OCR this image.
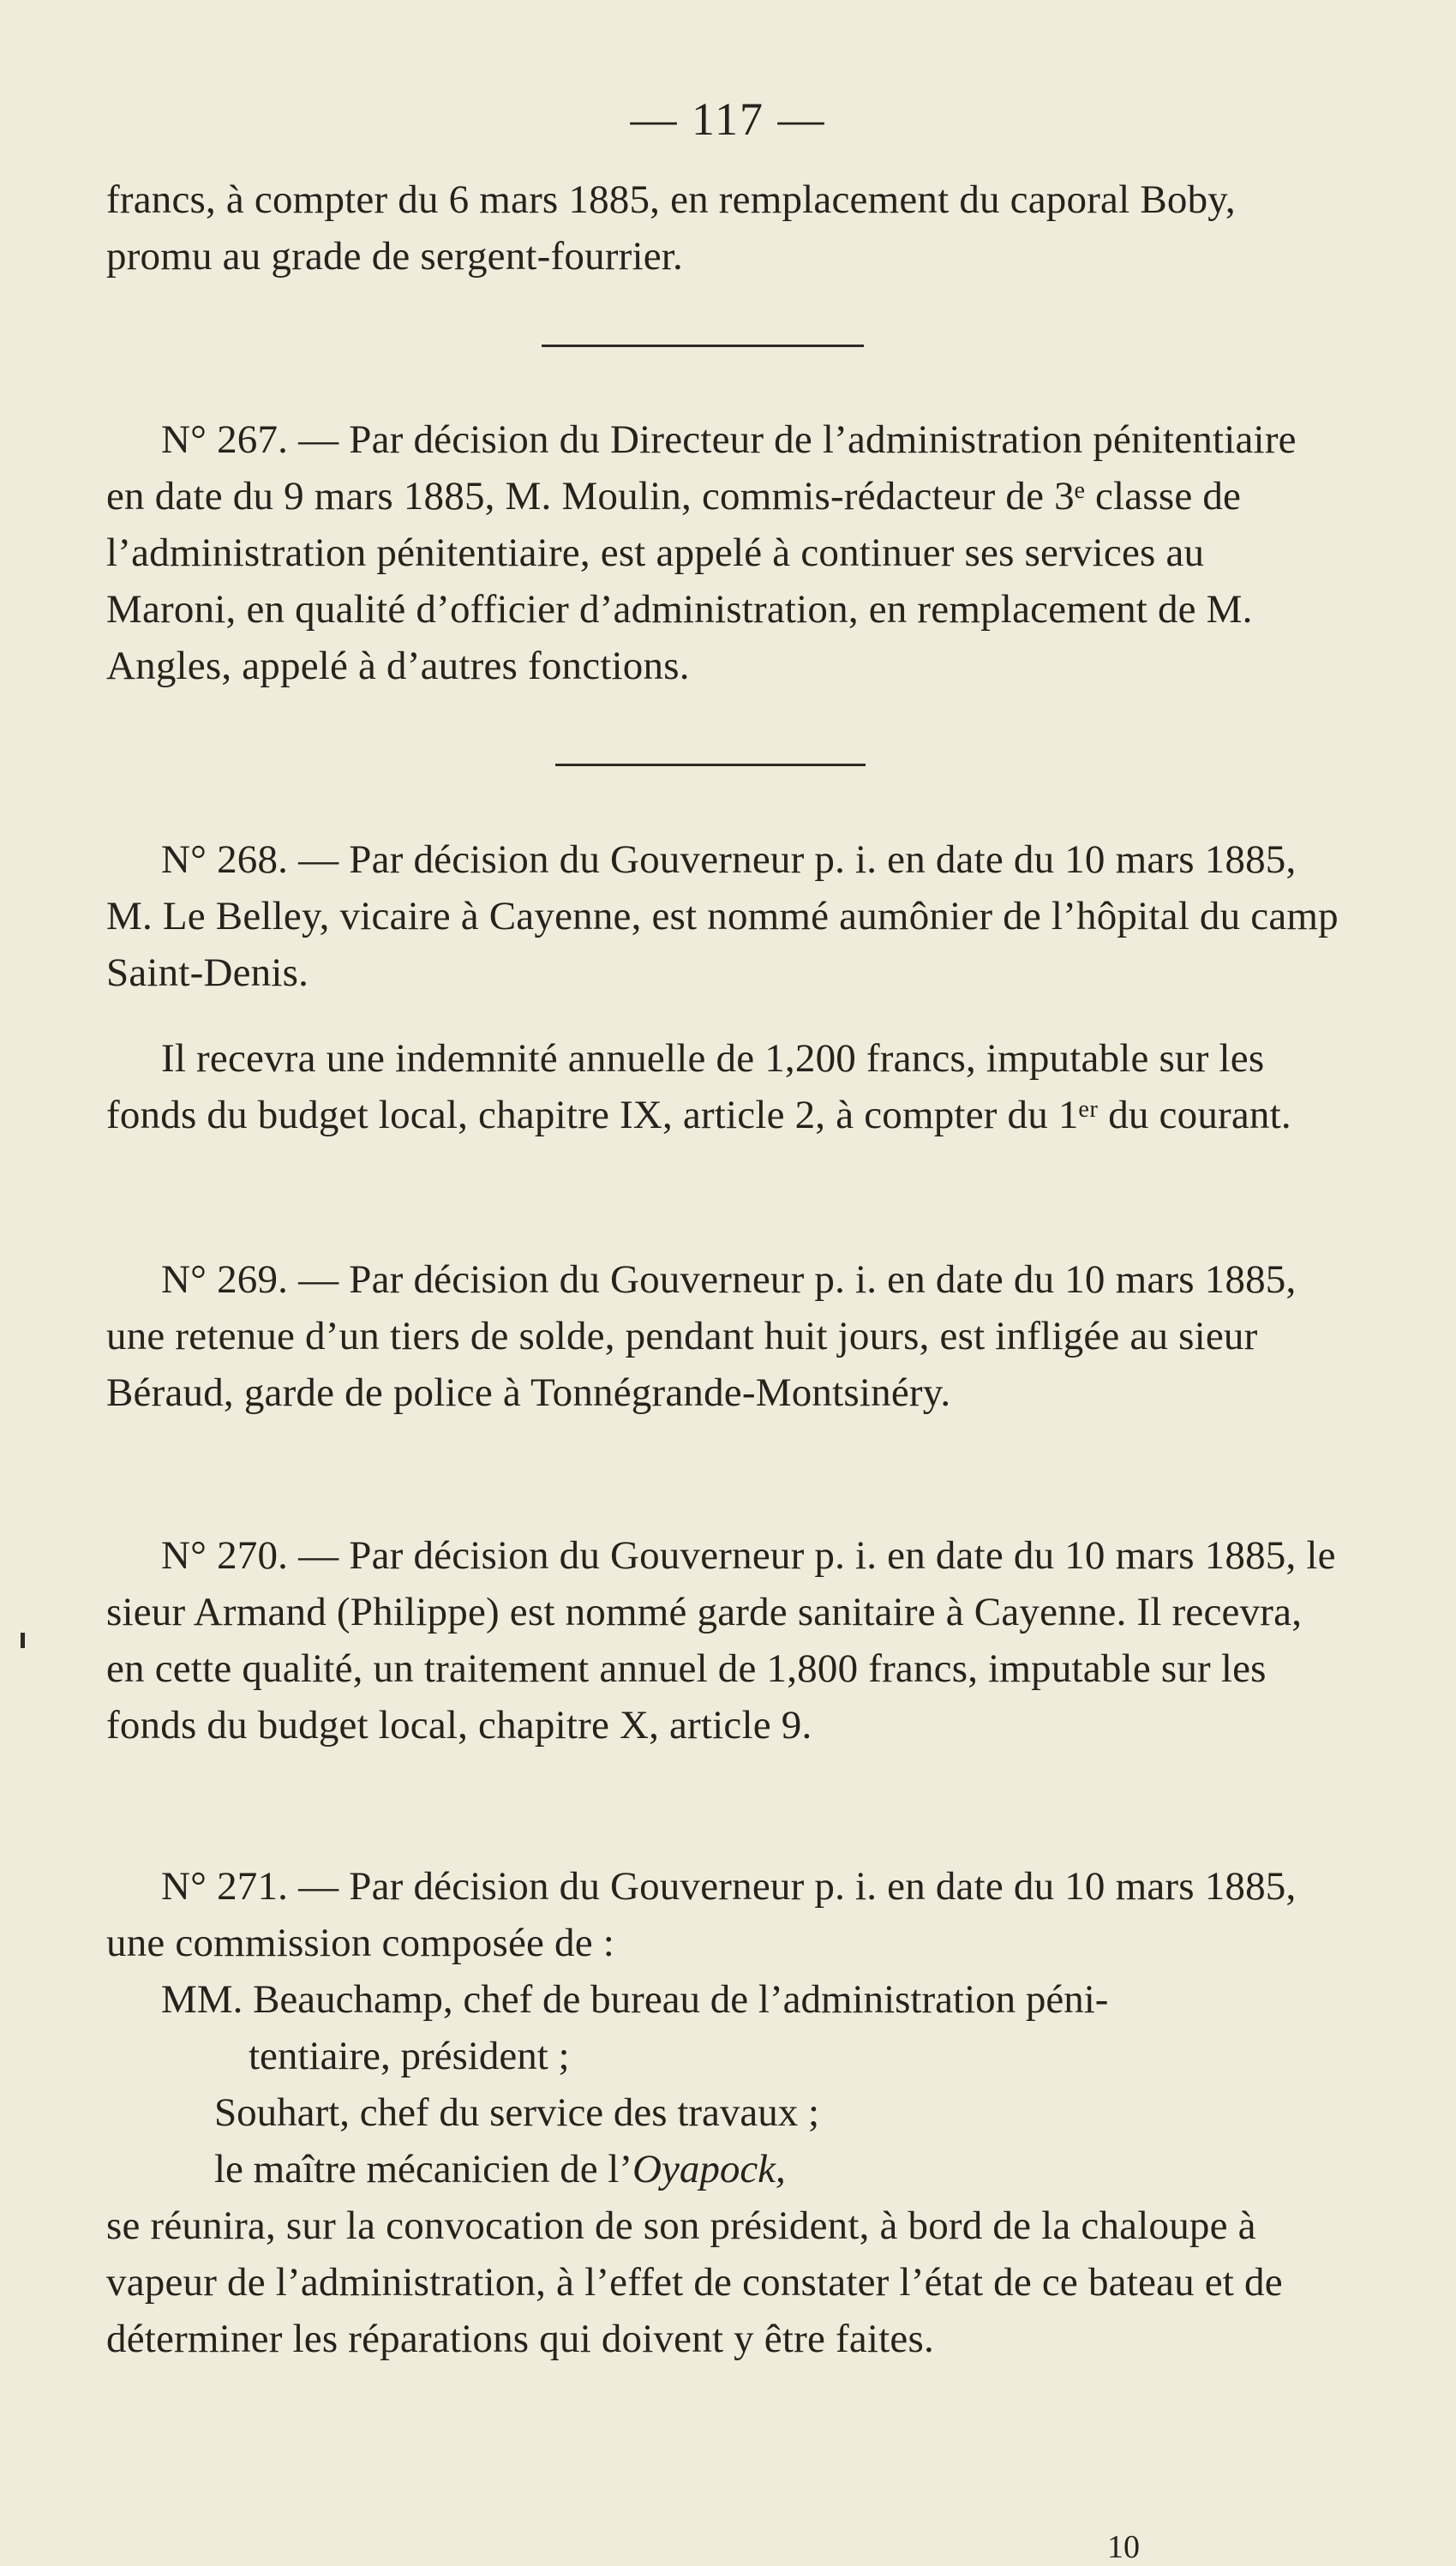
— 117 —
francs, à compter du 6 mars 1885, en remplacement du caporal Boby, promu au grade de sergent-fourrier.
N° 267. — Par décision du Directeur de l’administration pénitentiaire en date du 9 mars 1885, M. Moulin, commis-rédacteur de 3ᵉ classe de l’administration pénitentiaire, est appelé à continuer ses services au Maroni, en qualité d’officier d’administration, en remplacement de M. Angles, appelé à d’autres fonctions.
N° 268. — Par décision du Gouverneur p. i. en date du 10 mars 1885, M. Le Belley, vicaire à Cayenne, est nommé aumônier de l’hôpital du camp Saint-Denis.
Il recevra une indemnité annuelle de 1,200 francs, imputable sur les fonds du budget local, chapitre IX, article 2, à compter du 1ᵉʳ du courant.
N° 269. — Par décision du Gouverneur p. i. en date du 10 mars 1885, une retenue d’un tiers de solde, pendant huit jours, est infligée au sieur Béraud, garde de police à Tonnégrande-Montsinéry.
N° 270. — Par décision du Gouverneur p. i. en date du 10 mars 1885, le sieur Armand (Philippe) est nommé garde sanitaire à Cayenne. Il recevra, en cette qualité, un traitement annuel de 1,800 francs, imputable sur les fonds du budget local, chapitre X, article 9.
N° 271. — Par décision du Gouverneur p. i. en date du 10 mars 1885, une commission composée de :
MM. Beauchamp, chef de bureau de l’administration péni-
tentiaire, président ;
Souhart, chef du service des travaux ;
le maître mécanicien de l’Oyapock,
se réunira, sur la convocation de son président, à bord de la chaloupe à vapeur de l’administration, à l’effet de constater l’état de ce bateau et de déterminer les réparations qui doivent y être faites.
10
